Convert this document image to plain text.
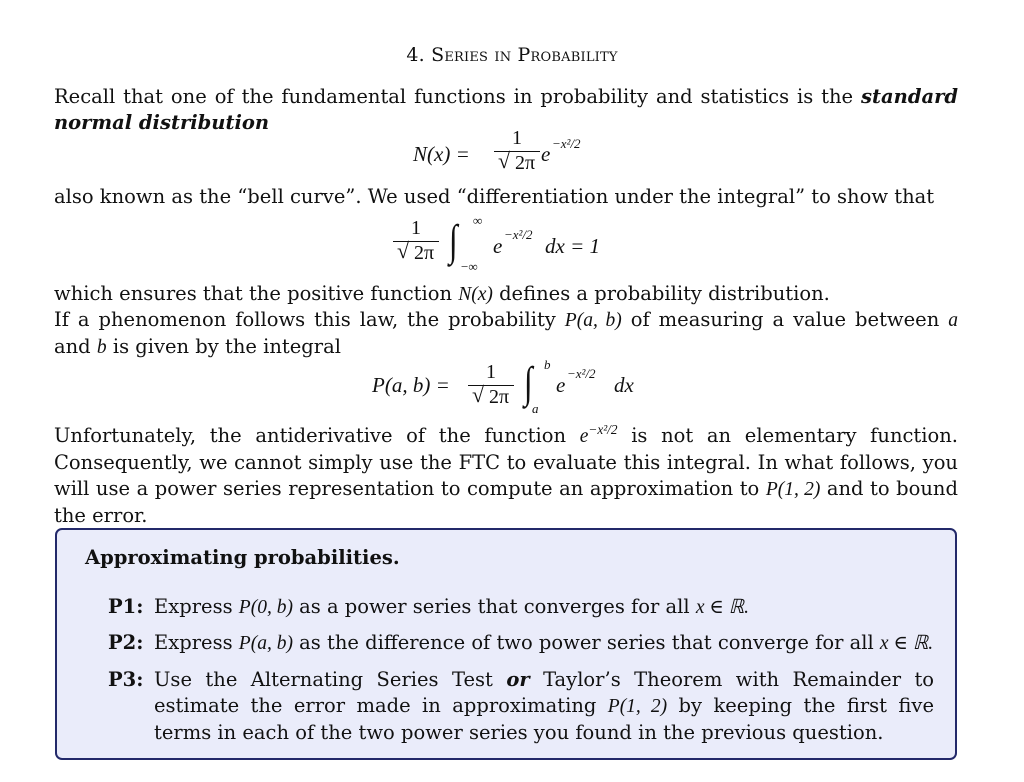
4. Series in Probability
Recall that one of the fundamental functions in probability and statistics is the standard normal distribution
N(x) =
1
√ 2π e −x²/2
also known as the “bell curve”. We used “differentiation under the integral” to show that
1
√ 2π ∫ ∞
−∞
e −x²/2 dx = 1
which ensures that the positive function N(x) defines a probability distribution.
If a phenomenon follows this law, the probability P(a, b) of measuring a value between a and b is given by the integral
P(a, b) =
1
√ 2π ∫ b
a
e −x²/2 dx
Unfortunately, the antiderivative of the function $e^{-x^2/2}$ is not an elementary function. Consequently, we cannot simply use the FTC to evaluate this integral. In what follows, you will use a power series representation to compute an approximation to P(1, 2) and to bound the error.
Approximating probabilities.
P1: Express P(0, b) as a power series that converges for all x ∈ ℝ.
P2: Express P(a, b) as the difference of two power series that converge for all x ∈ ℝ.
P3: Use the Alternating Series Test or Taylor’s Theorem with Remainder to estimate the error made in approximating P(1, 2) by keeping the first five terms in each of the two power series you found in the previous question.
